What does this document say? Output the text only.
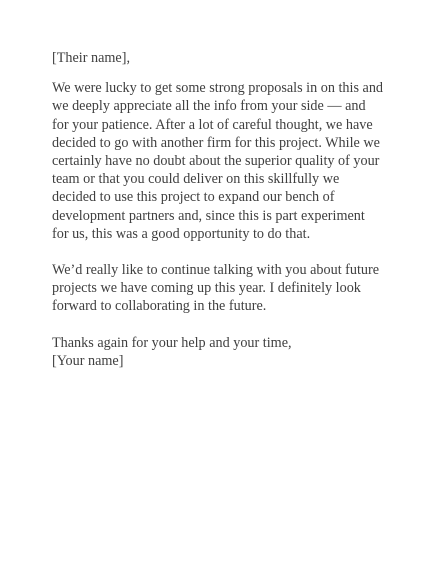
[Their name],

We were lucky to get some strong proposals in on this and
we deeply appreciate all the info from your side — and
for your patience. After a lot of careful thought, we have
decided to go with another firm for this project. While we
certainly have no doubt about the superior quality of your
team or that you could deliver on this skillfully we
decided to use this project to expand our bench of
development partners and, since this is part experiment
for us, this was a good opportunity to do that.

We’d really like to continue talking with you about future
projects we have coming up this year. I definitely look
forward to collaborating in the future.

Thanks again for your help and your time,
[Your name]
